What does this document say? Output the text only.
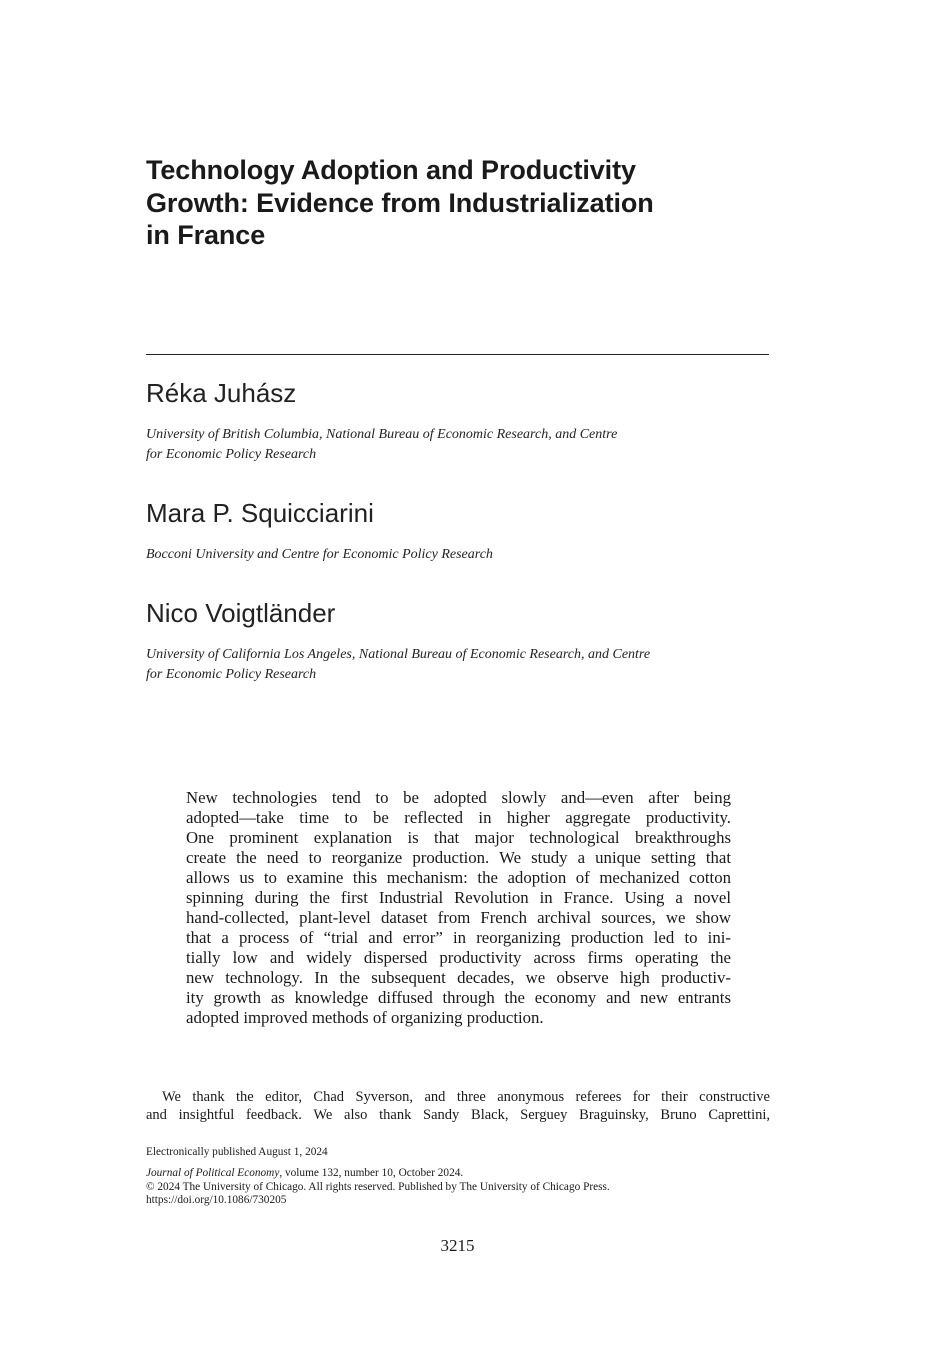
Technology Adoption and Productivity
Growth: Evidence from Industrialization
in France
Réka Juhász
University of British Columbia, National Bureau of Economic Research, and Centre
for Economic Policy Research
Mara P. Squicciarini
Bocconi University and Centre for Economic Policy Research
Nico Voigtländer
University of California Los Angeles, National Bureau of Economic Research, and Centre
for Economic Policy Research
New technologies tend to be adopted slowly and—even after being
adopted—take time to be reflected in higher aggregate productivity.
One prominent explanation is that major technological breakthroughs
create the need to reorganize production. We study a unique setting that
allows us to examine this mechanism: the adoption of mechanized cotton
spinning during the first Industrial Revolution in France. Using a novel
hand-collected, plant-level dataset from French archival sources, we show
that a process of “trial and error” in reorganizing production led to ini-
tially low and widely dispersed productivity across firms operating the
new technology. In the subsequent decades, we observe high productiv-
ity growth as knowledge diffused through the economy and new entrants
adopted improved methods of organizing production.
We thank the editor, Chad Syverson, and three anonymous referees for their constructive
and insightful feedback. We also thank Sandy Black, Serguey Braguinsky, Bruno Caprettini,
Electronically published August 1, 2024
Journal of Political Economy, volume 132, number 10, October 2024.
© 2024 The University of Chicago. All rights reserved. Published by The University of Chicago Press.
https://doi.org/10.1086/730205
3215
